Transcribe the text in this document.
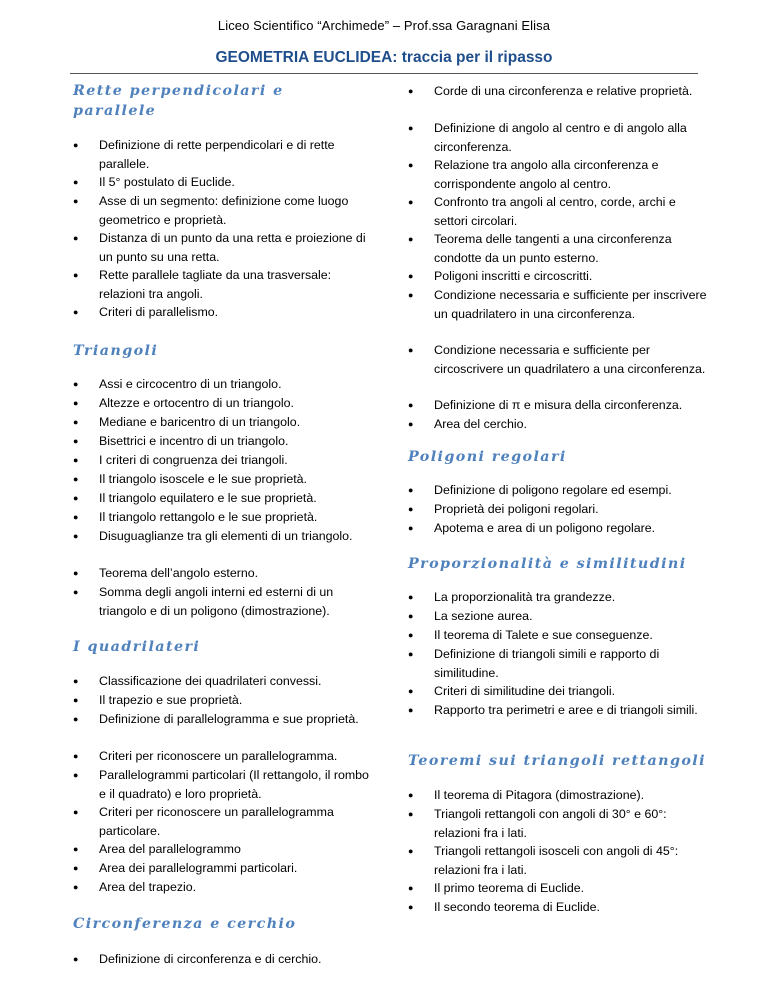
Liceo Scientifico “Archimede” – Prof.ssa Garagnani Elisa
GEOMETRIA EUCLIDEA: traccia per il ripasso
Rette perpendicolari e parallele
●	Definizione di rette perpendicolari e di rette parallele.
●	Il 5° postulato di Euclide.
●	Asse di un segmento: definizione come luogo geometrico e proprietà.
●	Distanza di un punto da una retta e proiezione di un punto su una retta.
●	Rette parallele tagliate da una trasversale: relazioni tra angoli.
●	Criteri di parallelismo.
Triangoli
●	Assi e circocentro di un triangolo.
●	Altezze e ortocentro di un triangolo.
●	Mediane e baricentro di un triangolo.
●	Bisettrici e incentro di un triangolo.
●	I criteri di congruenza dei triangoli.
●	Il triangolo isoscele e le sue proprietà.
●	Il triangolo equilatero e le sue proprietà.
●	Il triangolo rettangolo e le sue proprietà.
●	Disuguaglianze tra gli elementi di un triangolo.
●	Teorema dell’angolo esterno.
●	Somma degli angoli interni ed esterni di un triangolo e di un poligono (dimostrazione).
I quadrilateri
●	Classificazione dei quadrilateri convessi.
●	Il trapezio e sue proprietà.
●	Definizione di parallelogramma e sue proprietà.
●	Criteri per riconoscere un parallelogramma.
●	Parallelogrammi particolari (Il rettangolo, il rombo e il quadrato) e loro proprietà.
●	Criteri per riconoscere un parallelogramma particolare.
●	Area del parallelogrammo
●	Area dei parallelogrammi particolari.
●	Area del trapezio.
Circonferenza e cerchio
●	Definizione di circonferenza e di cerchio.
●	Corde di una circonferenza e relative proprietà.
●	Definizione di angolo al centro e di angolo alla circonferenza.
●	Relazione tra angolo alla circonferenza e corrispondente angolo al centro.
●	Confronto tra angoli al centro, corde, archi e settori circolari.
●	Teorema delle tangenti a una circonferenza condotte da un punto esterno.
●	Poligoni inscritti e circoscritti.
●	Condizione necessaria e sufficiente per inscrivere un quadrilatero in una circonferenza.
●	Condizione necessaria e sufficiente per circoscrivere un quadrilatero a una circonferenza.
●	Definizione di π e misura della circonferenza.
●	Area del cerchio.
Poligoni regolari
●	Definizione di poligono regolare ed esempi.
●	Proprietà dei poligoni regolari.
●	Apotema e area di un poligono regolare.
Proporzionalità e similitudini
●	La proporzionalità tra grandezze.
●	La sezione aurea.
●	Il teorema di Talete e sue conseguenze.
●	Definizione di triangoli simili e rapporto di similitudine.
●	Criteri di similitudine dei triangoli.
●	Rapporto tra perimetri e aree e di triangoli simili.
Teoremi sui triangoli rettangoli
●	Il teorema di Pitagora (dimostrazione).
●	Triangoli rettangoli con angoli di 30° e 60°: relazioni fra i lati.
●	Triangoli rettangoli isosceli con angoli di 45°: relazioni fra i lati.
●	Il primo teorema di Euclide.
●	Il secondo teorema di Euclide.
